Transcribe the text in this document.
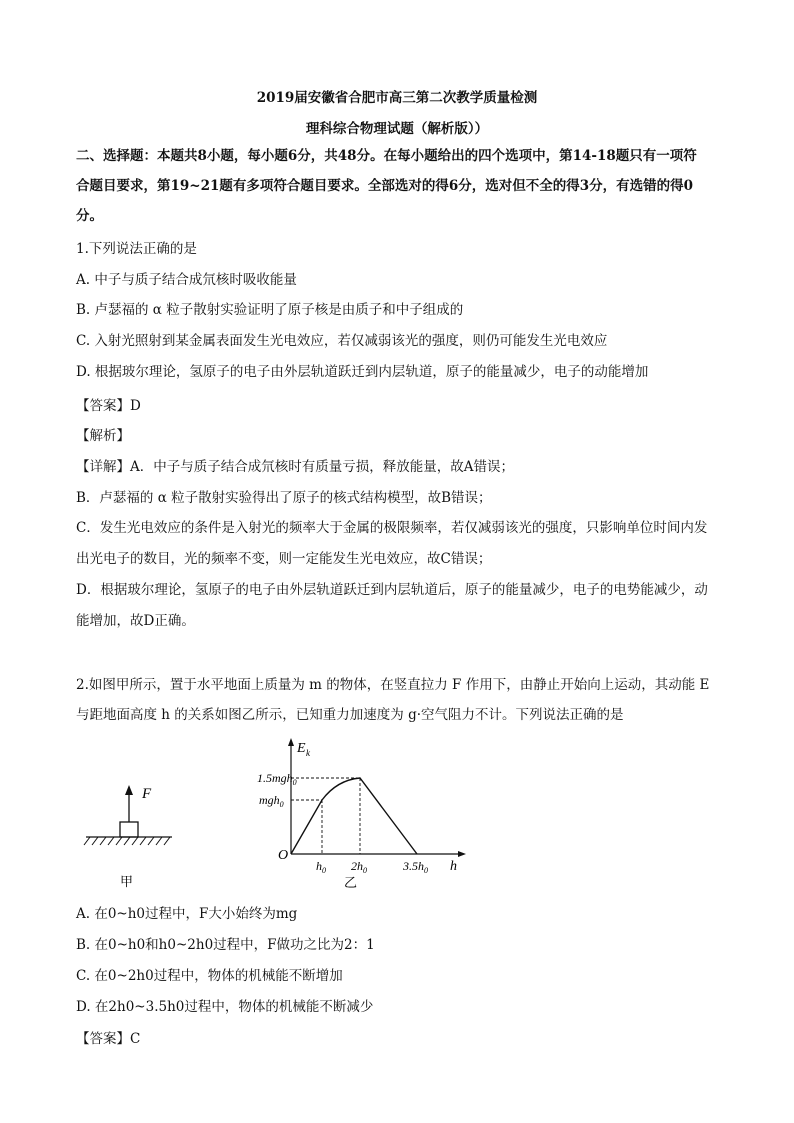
2019届安徽省合肥市高三第二次教学质量检测
理科综合物理试题（解析版））
二、选择题：本题共8小题，每小题6分，共48分。在每小题给出的四个选项中，第14-18题只有一项符
合题目要求，第19~21题有多项符合题目要求。全部选对的得6分，选对但不全的得3分，有选错的得0
分。
1.下列说法正确的是
A. 中子与质子结合成氘核时吸收能量
B. 卢瑟福的 α 粒子散射实验证明了原子核是由质子和中子组成的
C. 入射光照射到某金属表面发生光电效应，若仅减弱该光的强度，则仍可能发生光电效应
D. 根据玻尔理论，氢原子的电子由外层轨道跃迁到内层轨道，原子的能量减少，电子的动能增加
【答案】D
【解析】
【详解】A．中子与质子结合成氘核时有质量亏损，释放能量，故A错误；
B．卢瑟福的 α 粒子散射实验得出了原子的核式结构模型，故B错误；
C．发生光电效应的条件是入射光的频率大于金属的极限频率，若仅减弱该光的强度，只影响单位时间内发
出光电子的数目，光的频率不变，则一定能发生光电效应，故C错误；
D．根据玻尔理论，氢原子的电子由外层轨道跃迁到内层轨道后，原子的能量减少，电子的电势能减少，动
能增加，故D正确。
2.如图甲所示，置于水平地面上质量为 m 的物体，在竖直拉力 F 作用下，由静止开始向上运动，其动能 E
与距地面高度 h 的关系如图乙所示，已知重力加速度为 g·空气阻力不计。下列说法正确的是
F
甲
E k
O
h
1.5mgh$_0$
mgh$_0$
$h_0$ $2h_0$	$3.5h_0$
乙
A. 在0~h0过程中，F大小始终为mg
B. 在0~h0和h0~2h0过程中，F做功之比为2：1
C. 在0~2h0过程中，物体的机械能不断增加
D. 在2h0~3.5h0过程中，物体的机械能不断减少
【答案】C
